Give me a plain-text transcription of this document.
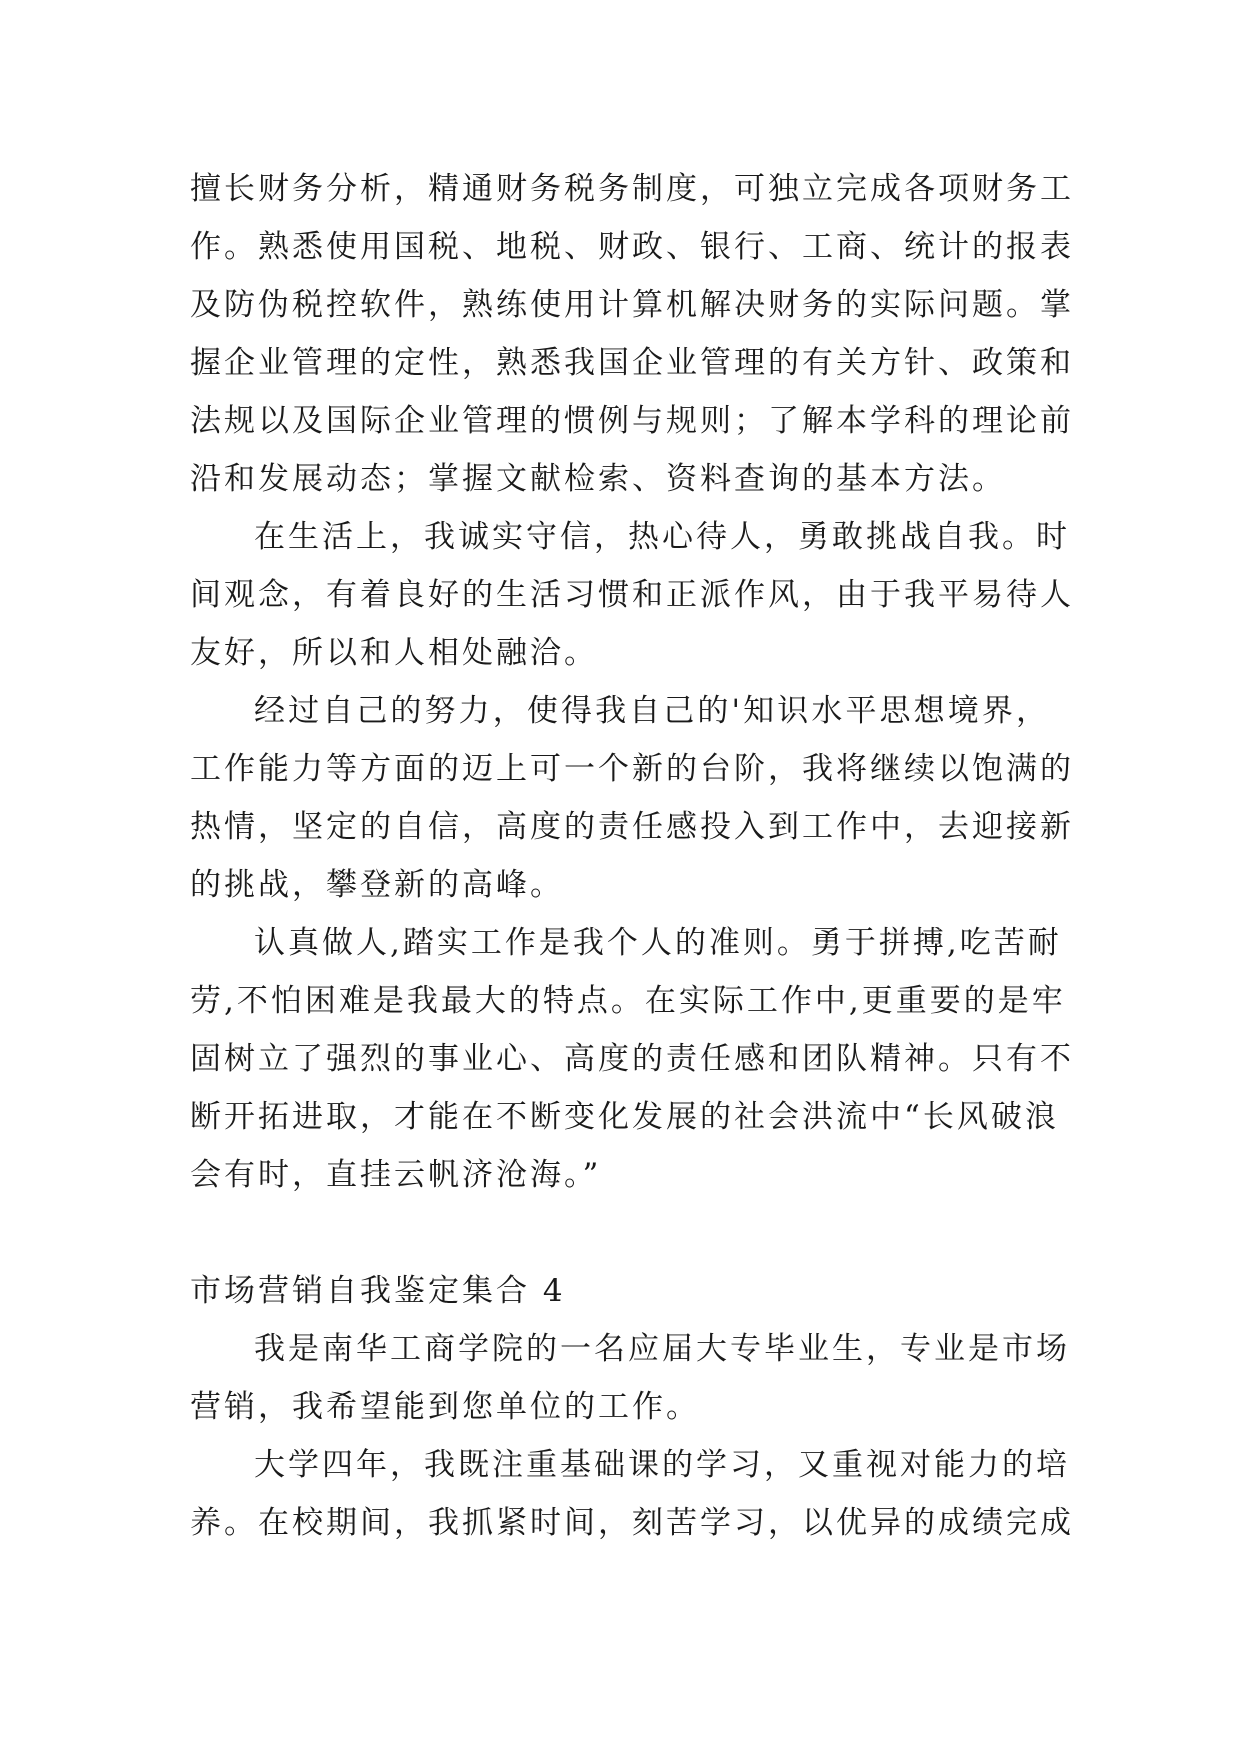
擅长财务分析，精通财务税务制度，可独立完成各项财务工
作。熟悉使用国税、地税、财政、银行、工商、统计的报表
及防伪税控软件，熟练使用计算机解决财务的实际问题。掌
握企业管理的定性，熟悉我国企业管理的有关方针、政策和
法规以及国际企业管理的惯例与规则；了解本学科的理论前
沿和发展动态；掌握文献检索、资料查询的基本方法。
在生活上，我诚实守信，热心待人，勇敢挑战自我。时
间观念，有着良好的生活习惯和正派作风，由于我平易待人
友好，所以和人相处融洽。
经过自己的努力，使得我自己的'知识水平思想境界，
工作能力等方面的迈上可一个新的台阶，我将继续以饱满的
热情，坚定的自信，高度的责任感投入到工作中，去迎接新
的挑战，攀登新的高峰。
认真做人,踏实工作是我个人的准则。勇于拼搏,吃苦耐
劳,不怕困难是我最大的特点。在实际工作中,更重要的是牢
固树立了强烈的事业心、高度的责任感和团队精神。只有不
断开拓进取，才能在不断变化发展的社会洪流中“长风破浪
会有时，直挂云帆济沧海。”
市场营销自我鉴定集合 4
我是南华工商学院的一名应届大专毕业生，专业是市场
营销，我希望能到您单位的工作。
大学四年，我既注重基础课的学习，又重视对能力的培
养。在校期间，我抓紧时间，刻苦学习，以优异的成绩完成
